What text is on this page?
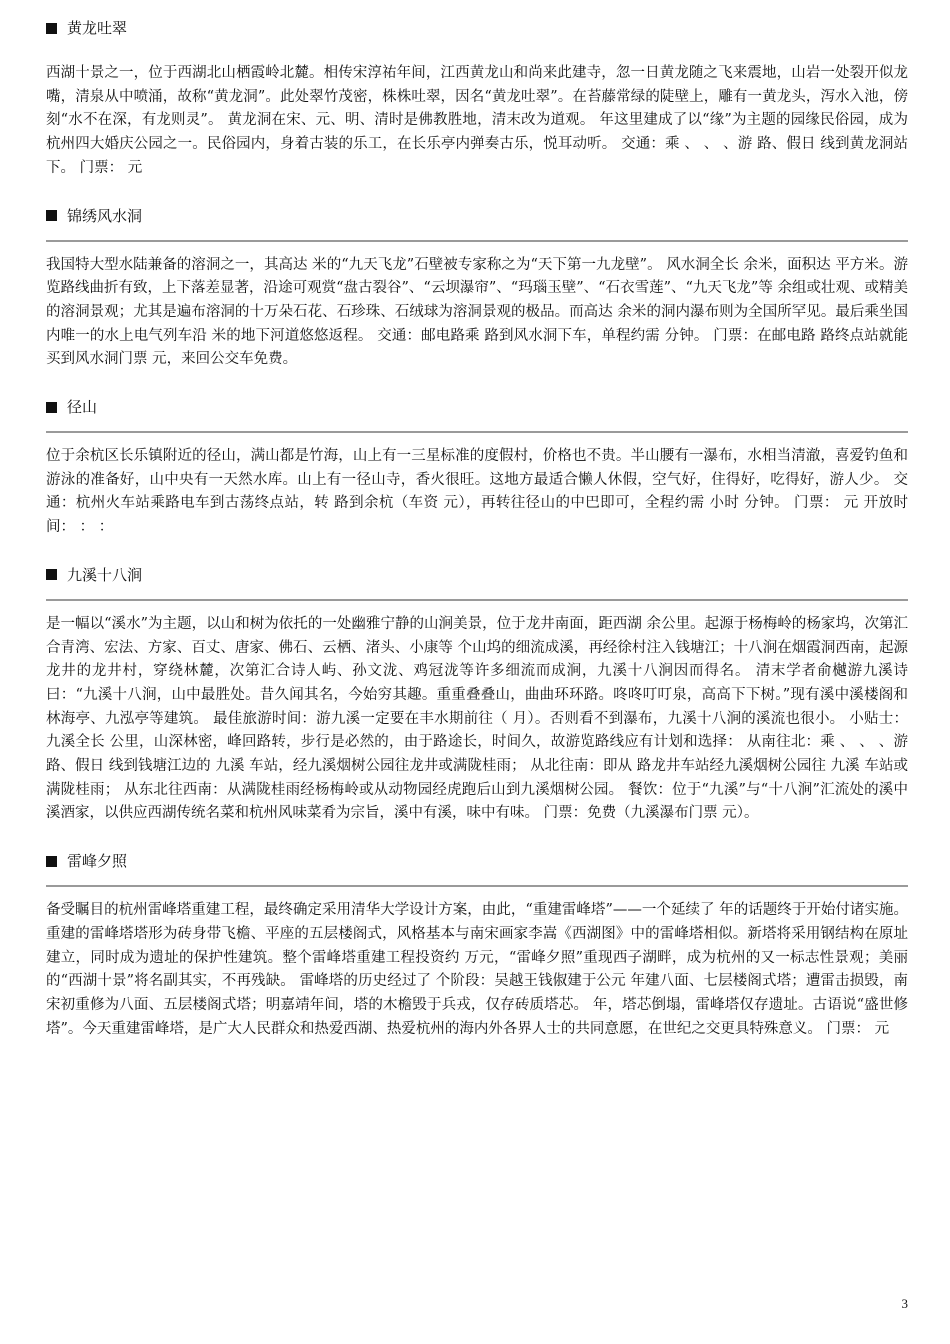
黄龙吐翠

西湖十景之一，位于西湖北山栖霞岭北麓。相传宋淳祐年间，江西黄龙山和尚来此建寺，忽一日黄龙随之飞来震地，山岩一处裂开似龙嘴，清泉从中喷涌，故称“黄龙洞”。此处翠竹茂密，株株吐翠，因名“黄龙吐翠”。在苔藤常绿的陡壁上，雕有一黄龙头，泻水入池，傍刻“水不在深，有龙则灵”。 黄龙洞在宋、元、明、清时是佛教胜地，清末改为道观。 年这里建成了以“缘”为主题的园缘民俗园，成为杭州四大婚庆公园之一。民俗园内，身着古装的乐工，在长乐亭内弹奏古乐，悦耳动听。 交通：乘 、 、 、游 路、假日 线到黄龙洞站下。 门票： 元

锦绣风水洞

我国特大型水陆兼备的溶洞之一，其高达 米的“九天飞龙”石壁被专家称之为“天下第一九龙壁”。 风水洞全长 余米，面积达 平方米。游览路线曲折有致，上下落差显著，沿途可观赏“盘古裂谷”、“云坝瀑帘”、“玛瑙玉壁”、“石衣雪莲”、“九天飞龙”等 余组或壮观、或精美的溶洞景观；尤其是遍布溶洞的十万朵石花、石珍珠、石绒球为溶洞景观的极品。而高达 余米的洞内瀑布则为全国所罕见。最后乘坐国内唯一的水上电气列车沿 米的地下河道悠悠返程。 交通：邮电路乘 路到风水洞下车，单程约需 分钟。 门票：在邮电路 路终点站就能买到风水洞门票 元，来回公交车免费。

径山

位于余杭区长乐镇附近的径山，满山都是竹海，山上有一三星标准的度假村，价格也不贵。半山腰有一瀑布，水相当清澈，喜爱钓鱼和游泳的准备好，山中央有一天然水库。山上有一径山寺，香火很旺。这地方最适合懒人休假，空气好，住得好，吃得好，游人少。 交通：杭州火车站乘路电车到古荡终点站，转 路到余杭（车资 元），再转往径山的中巴即可，全程约需 小时 分钟。 门票： 元 开放时间： ： ：

九溪十八涧

是一幅以“溪水”为主题，以山和树为依托的一处幽雅宁静的山涧美景，位于龙井南面，距西湖 余公里。起源于杨梅岭的杨家坞，次第汇合青湾、宏法、方家、百丈、唐家、佛石、云栖、渚头、小康等 个山坞的细流成溪，再经徐村注入钱塘江；十八涧在烟霞洞西南，起源龙井的龙井村，穿绕林麓，次第汇合诗人屿、孙文泷、鸡冠泷等许多细流而成涧，九溪十八涧因而得名。 清末学者俞樾游九溪诗曰：“九溪十八涧，山中最胜处。昔久闻其名，今始穷其趣。重重叠叠山，曲曲环环路。咚咚叮叮泉，高高下下树。”现有溪中溪楼阁和林海亭、九泓亭等建筑。 最佳旅游时间：游九溪一定要在丰水期前往（ 月）。否则看不到瀑布，九溪十八涧的溪流也很小。 小贴士：九溪全长 公里，山深林密，峰回路转，步行是必然的，由于路途长，时间久，故游览路线应有计划和选择： 从南往北：乘 、 、 、游 路、假日 线到钱塘江边的 九溪 车站，经九溪烟树公园往龙井或满陇桂雨； 从北往南：即从 路龙井车站经九溪烟树公园往 九溪 车站或满陇桂雨； 从东北往西南：从满陇桂雨经杨梅岭或从动物园经虎跑后山到九溪烟树公园。 餐饮：位于“九溪”与“十八涧”汇流处的溪中溪酒家，以供应西湖传统名菜和杭州风味菜肴为宗旨，溪中有溪，味中有味。 门票：免费（九溪瀑布门票 元）。

雷峰夕照

备受瞩目的杭州雷峰塔重建工程，最终确定采用清华大学设计方案，由此，“重建雷峰塔”——一个延续了 年的话题终于开始付诸实施。 重建的雷峰塔塔形为砖身带飞檐、平座的五层楼阁式，风格基本与南宋画家李嵩《西湖图》中的雷峰塔相似。新塔将采用钢结构在原址建立，同时成为遗址的保护性建筑。整个雷峰塔重建工程投资约 万元，“雷峰夕照”重现西子湖畔，成为杭州的又一标志性景观；美丽的“西湖十景”将名副其实，不再残缺。 雷峰塔的历史经过了 个阶段：吴越王钱俶建于公元 年建八面、七层楼阁式塔；遭雷击损毁，南宋初重修为八面、五层楼阁式塔；明嘉靖年间，塔的木檐毁于兵戎，仅存砖质塔芯。 年，塔芯倒塌，雷峰塔仅存遗址。古语说“盛世修塔”。今天重建雷峰塔，是广大人民群众和热爱西湖、热爱杭州的海内外各界人士的共同意愿，在世纪之交更具特殊意义。 门票： 元

3
